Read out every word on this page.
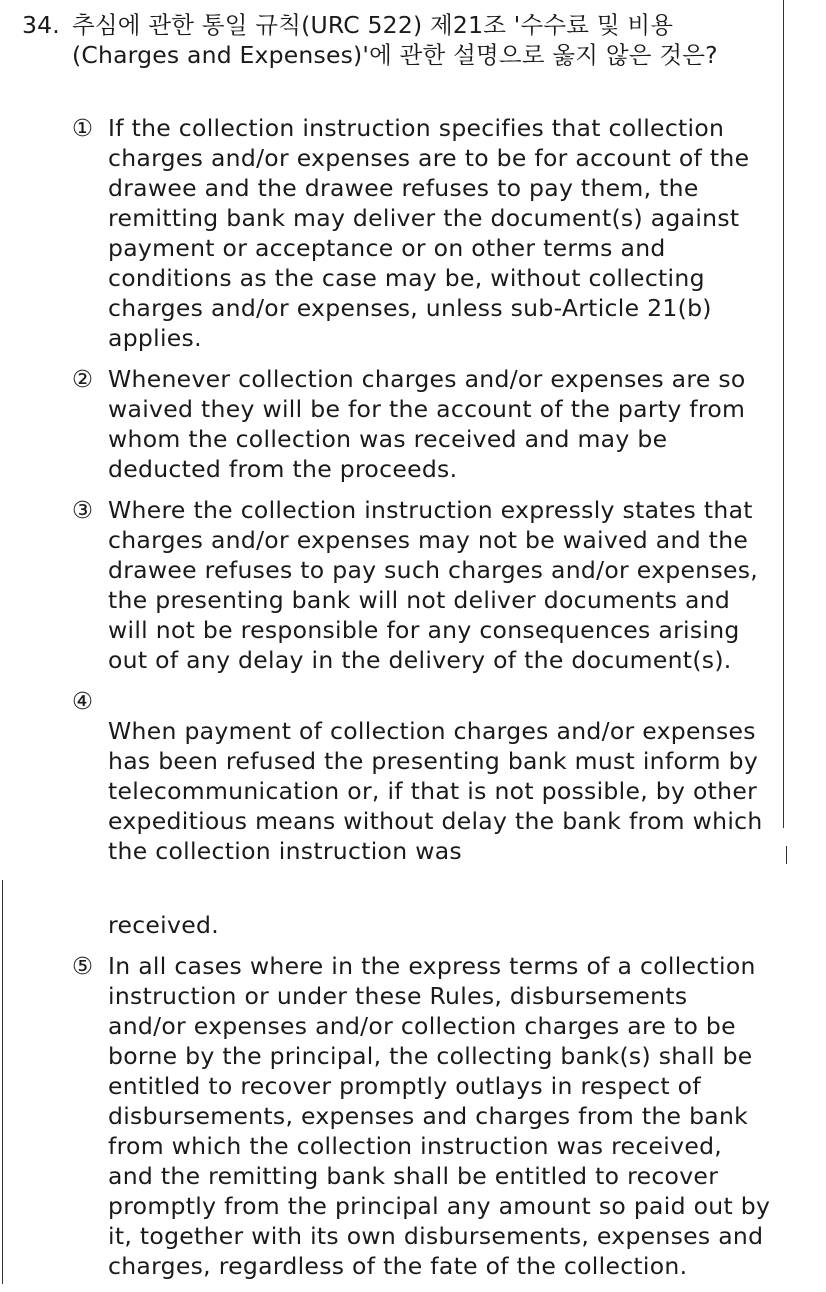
34. 추심에 관한 통일 규칙(URC 522) 제21조 '수수료 및 비용 (Charges and Expenses)'에 관한 설명으로 옳지 않은 것은?
① If the collection instruction specifies that collection charges and/or expenses are to be for account of the drawee and the drawee refuses to pay them, the remitting bank may deliver the document(s) against payment or acceptance or on other terms and conditions as the case may be, without collecting charges and/or expenses, unless sub-Article 21(b) applies.
② Whenever collection charges and/or expenses are so waived they will be for the account of the party from whom the collection was received and may be deducted from the proceeds.
③ Where the collection instruction expressly states that charges and/or expenses may not be waived and the drawee refuses to pay such charges and/or expenses, the presenting bank will not deliver documents and will not be responsible for any consequences arising out of any delay in the delivery of the document(s).
④

When payment of collection charges and/or expenses has been refused the presenting bank must inform by telecommunication or, if that is not possible, by other expeditious means without delay the bank from which the collection instruction was

received.

⑤ In all cases where in the express terms of a collection instruction or under these Rules, disbursements and/or expenses and/or collection charges are to be borne by the principal, the collecting bank(s) shall be entitled to recover promptly outlays in respect of disbursements, expenses and charges from the bank from which the collection instruction was received, and the remitting bank shall be entitled to recover promptly from the principal any amount so paid out by it, together with its own disbursements, expenses and charges, regardless of the fate of the collection.
